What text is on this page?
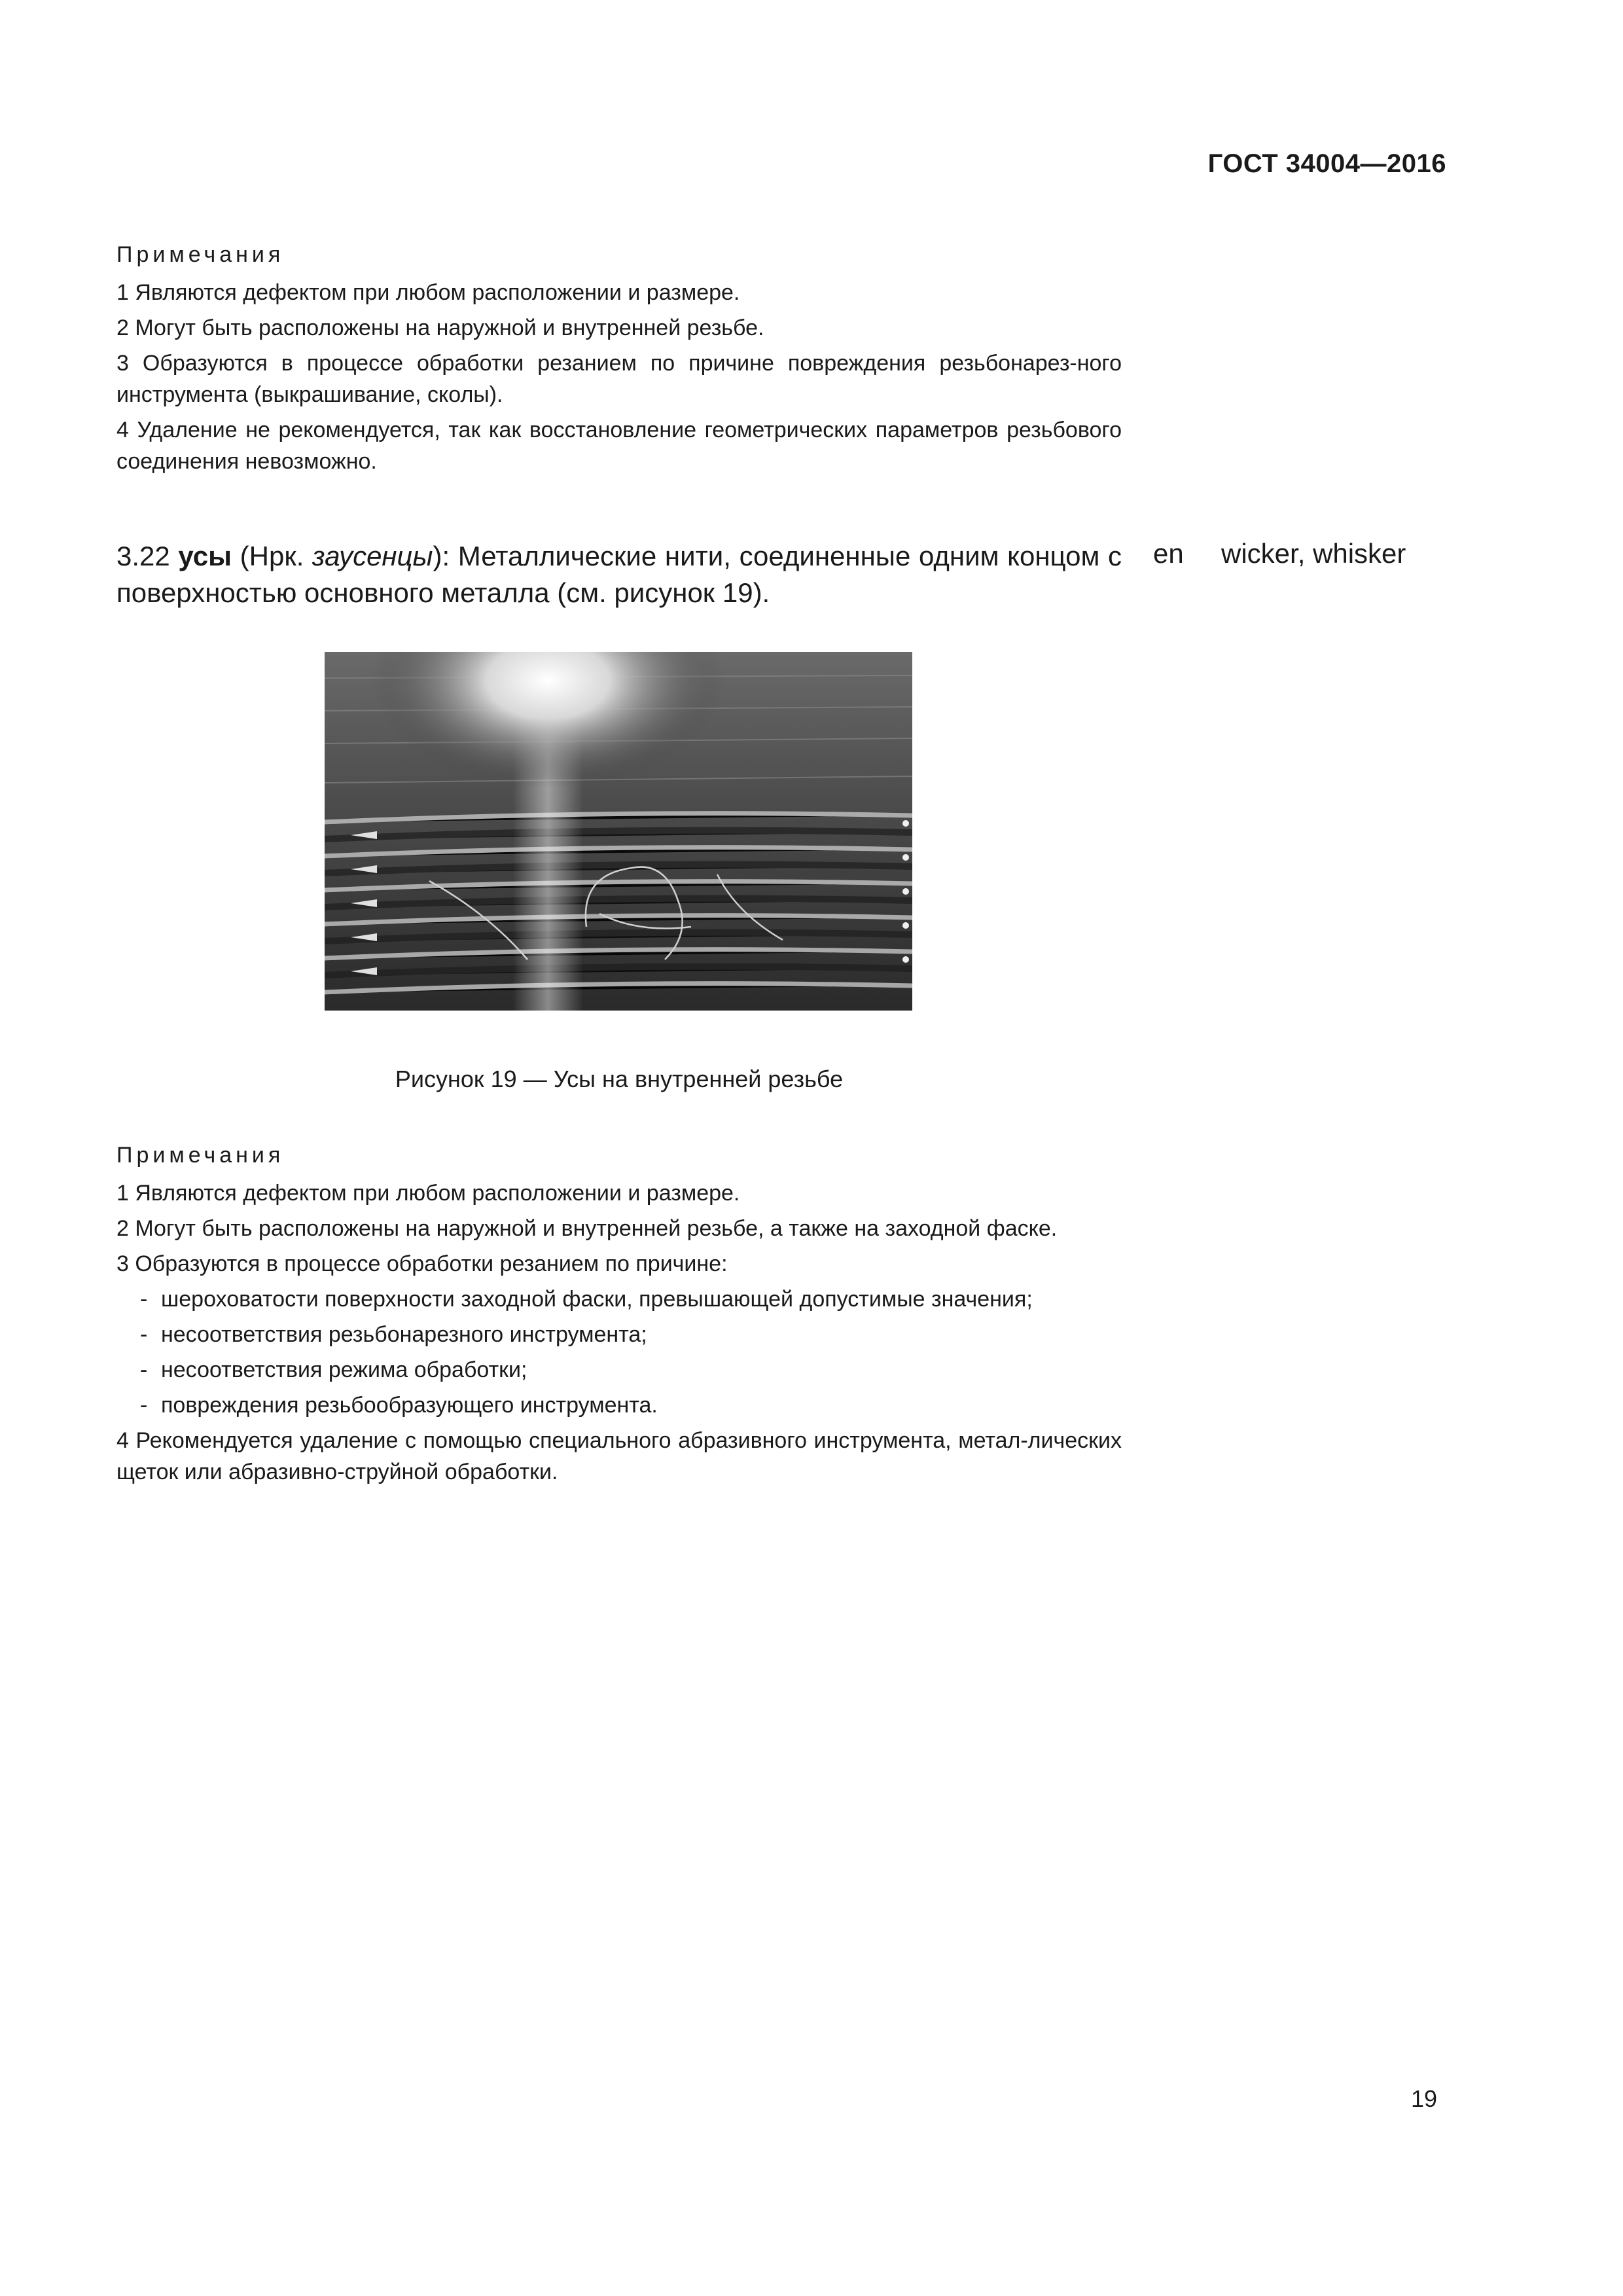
ГОСТ 34004—2016
Примечания

1 Являются дефектом при любом расположении и размере.

2 Могут быть расположены на наружной и внутренней резьбе.

3 Образуются в процессе обработки резанием по причине повреждения резьбонарез-ного инструмента (выкрашивание, сколы).

4 Удаление не рекомендуется, так как восстановление геометрических параметров резьбового соединения невозможно.

3.22 усы (Нрк. заусенцы): Металлические нити, соединенные одним концом с поверхностью основного металла (см. рисунок 19).
en wicker, whisker
Рисунок 19 — Усы на внутренней резьбе
Примечания

1 Являются дефектом при любом расположении и размере.

2 Могут быть расположены на наружной и внутренней резьбе, а также на заходной фаске.

3 Образуются в процессе обработки резанием по причине:

- шероховатости поверхности заходной фаски, превышающей допустимые значения;
- несоответствия резьбонарезного инструмента;
- несоответствия режима обработки;
- повреждения резьбообразующего инструмента.

4 Рекомендуется удаление с помощью специального абразивного инструмента, метал-лических щеток или абразивно-струйной обработки.

19
